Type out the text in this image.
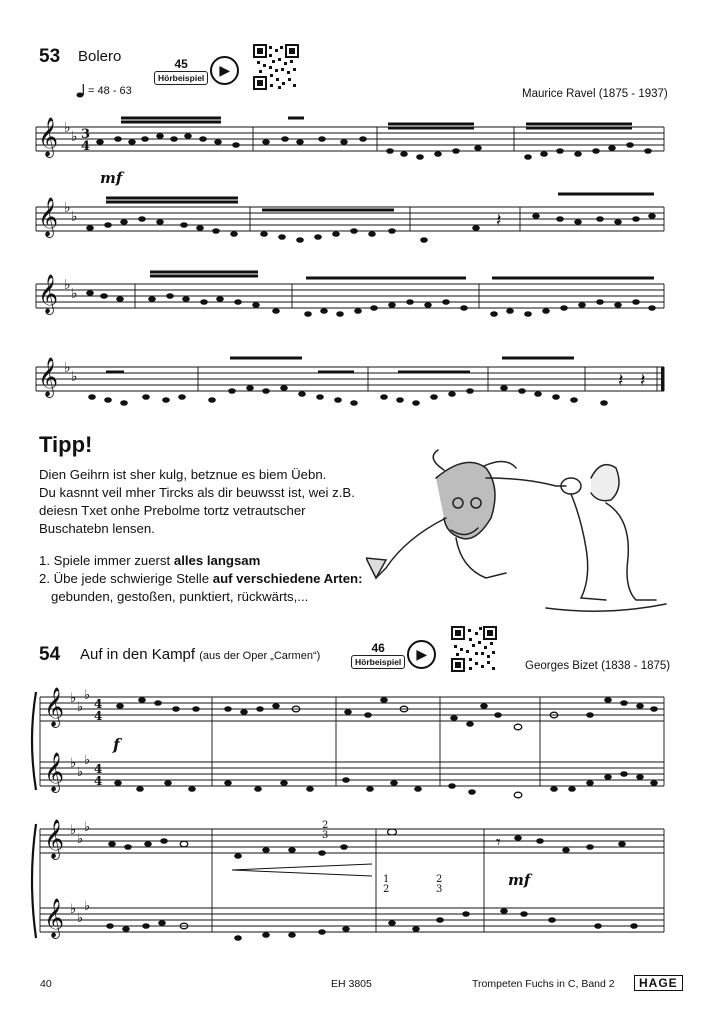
53 Bolero
= 48 - 63
45
Hörbeispiel	▶
Maurice Ravel (1875 - 1937)
𝄞
𝄞
𝄞
𝄞
♭
♭
♭
♭
♭
♭
♭
♭
3
4
mf
𝄽
𝄽 𝄽
Tipp!
Dien Geihrn ist sher kulg, betznue es biem Üebn.
Du kasnnt veil mher Tircks als dir beuwsst ist, wei z.B.
deiesn Txet onhe Prebolme tortz vetrautscher
Buschatebn lensen.
1. Spiele immer zuerst alles langsam
2. Übe jede schwierige Stelle auf verschiedene Arten:
gebunden, gestoßen, punktiert, rückwärts,...
54 Auf in den Kampf (aus der Oper „Carmen“)
46
Hörbeispiel	▶
Georges Bizet (1838 - 1875)
𝄞
𝄞
𝄞
𝄞
♭
♭
♭
♭
♭
♭
♭
♭
♭
♭
♭
♭
4
4
4
4
f
mf
2
3
1
2
2
3
𝄾
40	EH 3805	Trompeten Fuchs in C, Band 2	HAGE
